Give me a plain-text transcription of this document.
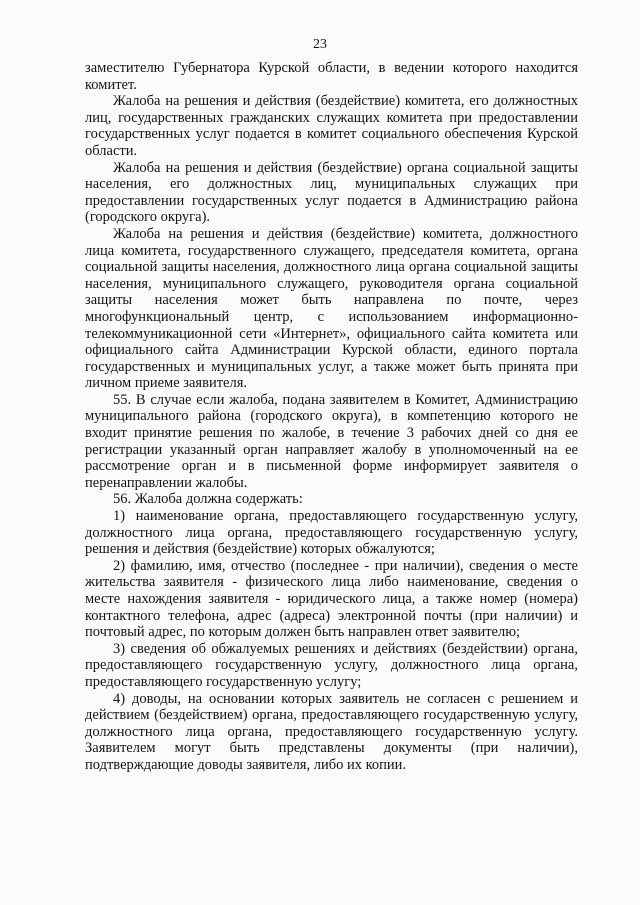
23

заместителю Губернатора Курской области, в ведении которого находится комитет.

Жалоба на решения и действия (бездействие) комитета, его должностных лиц, государственных гражданских служащих комитета при предоставлении государственных услуг подается в комитет социального обеспечения Курской области.

Жалоба на решения и действия (бездействие) органа социальной защиты населения, его должностных лиц, муниципальных служащих при предоставлении государственных услуг подается в Администрацию района (городского округа).

Жалоба на решения и действия (бездействие) комитета, должностного лица комитета, государственного служащего, председателя комитета, органа социальной защиты населения, должностного лица органа социальной защиты населения, муниципального служащего, руководителя органа социальной защиты населения может быть направлена по почте, через многофункциональный центр, с использованием информационно-телекоммуникационной сети «Интернет», официального сайта комитета или официального сайта Администрации Курской области, единого портала государственных и муниципальных услуг, а также может быть принята при личном приеме заявителя.

55. В случае если жалоба, подана заявителем в Комитет, Администрацию муниципального района (городского округа), в компетенцию которого не входит принятие решения по жалобе, в течение 3 рабочих дней со дня ее регистрации указанный орган направляет жалобу в уполномоченный на ее рассмотрение орган и в письменной форме информирует заявителя о перенаправлении жалобы.

56. Жалоба должна содержать:

1) наименование органа, предоставляющего государственную услугу, должностного лица органа, предоставляющего государственную услугу, решения и действия (бездействие) которых обжалуются;

2) фамилию, имя, отчество (последнее - при наличии), сведения о месте жительства заявителя - физического лица либо наименование, сведения о месте нахождения заявителя - юридического лица, а также номер (номера) контактного телефона, адрес (адреса) электронной почты (при наличии) и почтовый адрес, по которым должен быть направлен ответ заявителю;

3) сведения об обжалуемых решениях и действиях (бездействии) органа, предоставляющего государственную услугу, должностного лица органа, предоставляющего государственную услугу;

4) доводы, на основании которых заявитель не согласен с решением и действием (бездействием) органа, предоставляющего государственную услугу, должностного лица органа, предоставляющего государственную услугу. Заявителем могут быть представлены документы (при наличии), подтверждающие доводы заявителя, либо их копии.
